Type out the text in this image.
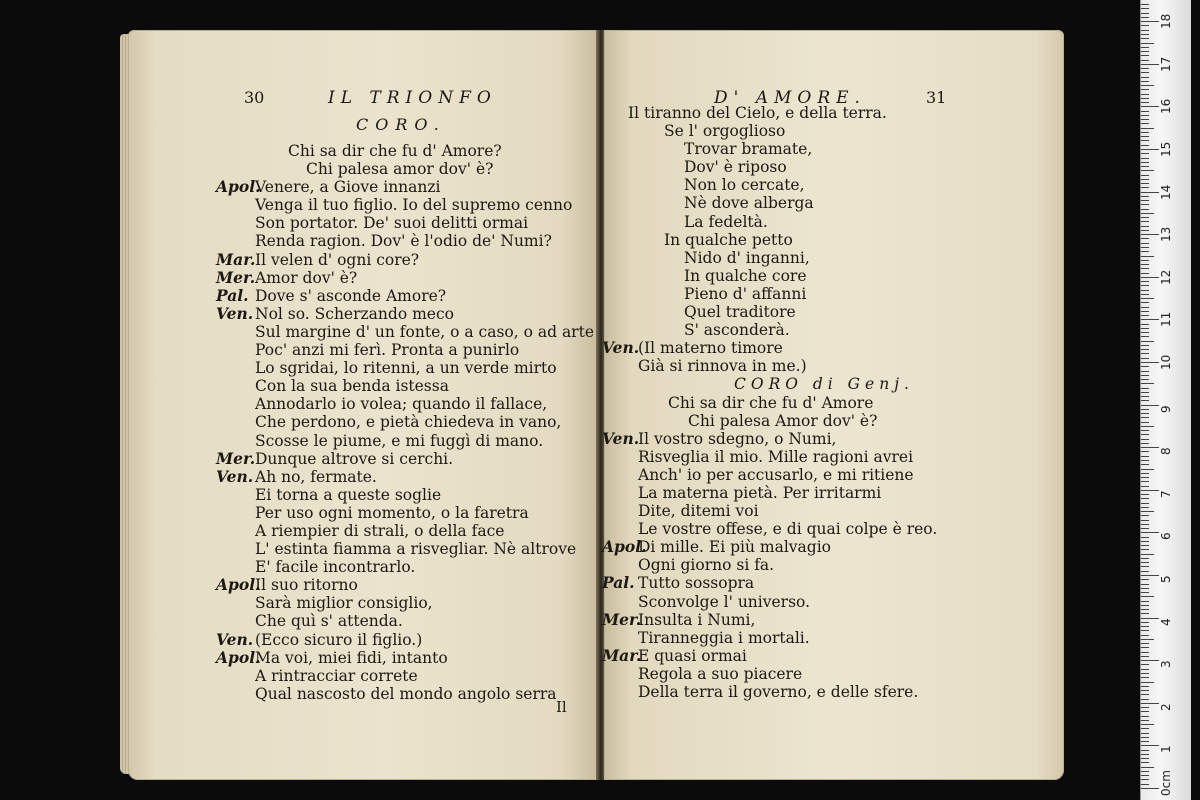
30	IL TRIONFO
CORO.
Chi sa dir che fu d' Amore?
Chi palesa amor dov' è?
Apol.
Venere, a Giove innanzi
Venga il tuo figlio. Io del supremo cenno
Son portator. De' suoi delitti ormai
Renda ragion. Dov' è l'odio de' Numi?
Mar. Il velen d' ogni core?
Mer. Amor dov' è?
Pal. Dove s' asconde Amore?
Ven. Nol so. Scherzando meco
Sul margine d' un fonte, o a caso, o ad arte
Poc' anzi mi ferì. Pronta a punirlo
Lo sgridai, lo ritenni, a un verde mirto
Con la sua benda istessa
Annodarlo io volea; quando il fallace,
Che perdono, e pietà chiedeva in vano,
Scosse le piume, e mi fuggì di mano.
Mer. Dunque altrove si cerchi.
Ven. Ah no, fermate.
Ei torna a queste soglie
Per uso ogni momento, o la faretra
A riempier di strali, o della face
L' estinta fiamma a risvegliar. Nè altrove
E' facile incontrarlo.
Apol.
Il suo ritorno
Sarà miglior consiglio,
Che quì s' attenda.
Ven. (Ecco sicuro il figlio.)
Apol.
Ma voi, miei fidi, intanto
A rintracciar correte
Qual nascosto del mondo angolo serra
Il
D' AMORE.	31
Il tiranno del Cielo, e della terra.
Se l' orgoglioso
Trovar bramate,
Dov' è riposo
Non lo cercate,
Nè dove alberga
La fedeltà.
In qualche petto
Nido d' inganni,
In qualche core
Pieno d' affanni
Quel traditore
S' asconderà.
Ven.
(Il materno timore
Già si rinnova in me.)
CORO di Genj.
Chi sa dir che fu d' Amore
Chi palesa Amor dov' è?
Ven.
Il vostro sdegno, o Numi,
Risveglia il mio. Mille ragioni avrei
Anch' io per accusarlo, e mi ritiene
La materna pietà. Per irritarmi
Dite, ditemi voi
Le vostre offese, e di quai colpe è reo.
Apol.
Di mille. Ei più malvagio
Ogni giorno si fa.
Pal. Tutto sossopra
Sconvolge l' universo.
Mer.
Insulta i Numi,
Tiranneggia i mortali.
Mar.
E quasi ormai
Regola a suo piacere
Della terra il governo, e delle sfere.
0cm
1
2
3
4
5
6
7
8
9
10
11
12
13
14
15
16
17
18
